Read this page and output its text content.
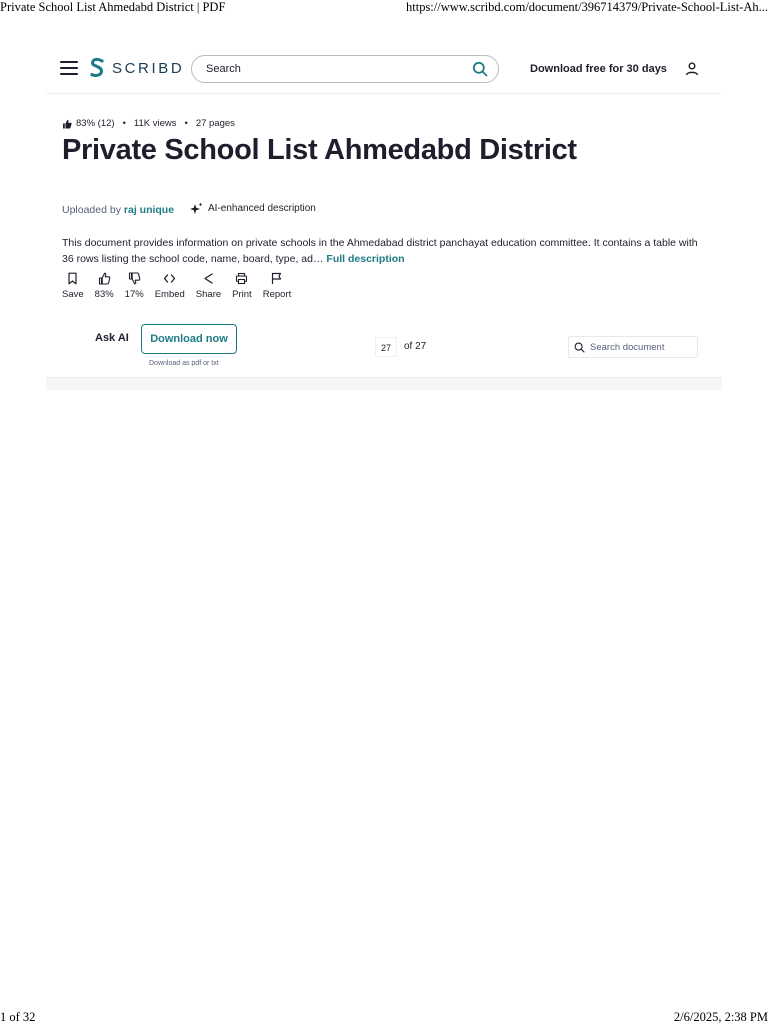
Private School List Ahmedabd District | PDF	https://www.scribd.com/document/396714379/Private-School-List-Ah...
SCRIBD
Search	Download free for 30 days
83% (12) • 11K views • 27 pages
Private School List Ahmedabd District
Uploaded by raj unique	AI-enhanced description

This document provides information on private schools in the Ahmedabad district panchayat education committee. It contains a table with 36 rows listing the school code, name, board, type, ad… Full description

Save 83% 17% Embed Share Print Report
Ask AI	Download now
Download as pdf or txt
27	of 27
Search document
1 of 32	2/6/2025, 2:38 PM
